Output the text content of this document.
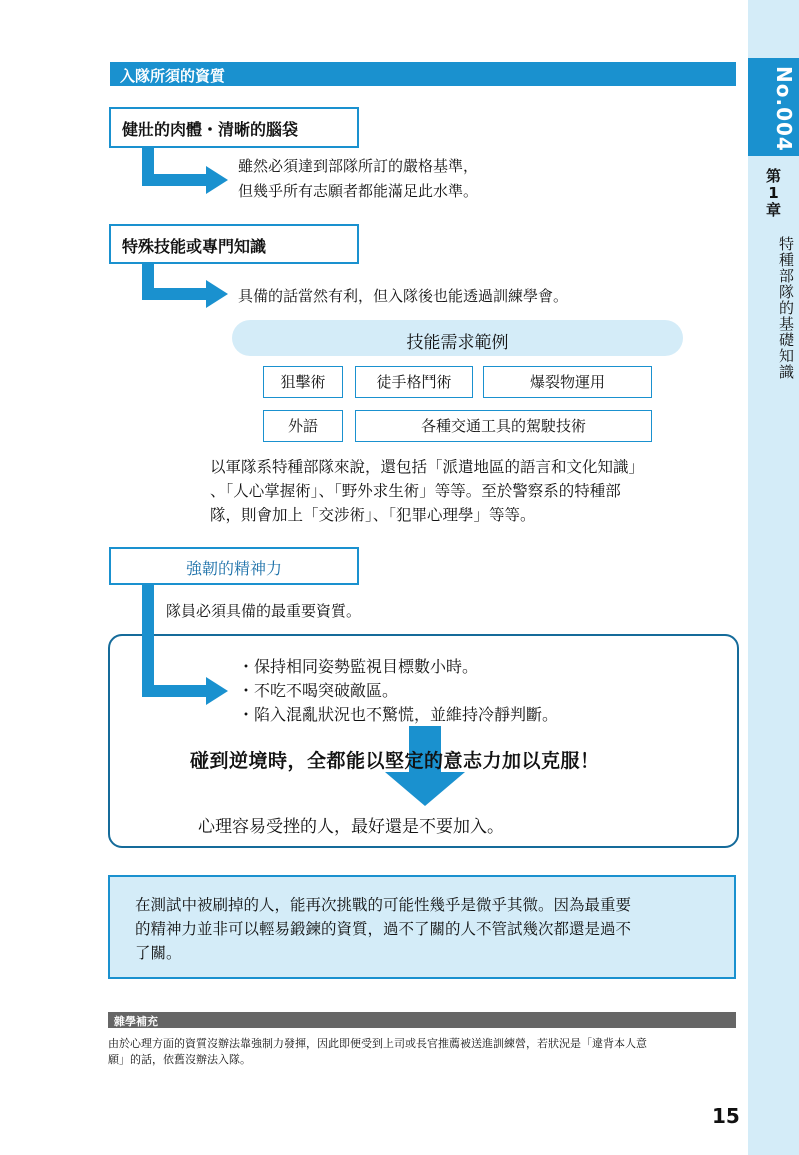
No.004
第
1
章
特種部隊的基礎知識
入隊所須的資質
健壯的肉體・清晰的腦袋
雖然必須達到部隊所訂的嚴格基準，
但幾乎所有志願者都能滿足此水準。
特殊技能或專門知識
具備的話當然有利，但入隊後也能透過訓練學會。
技能需求範例
狙擊術	徒手格鬥術	爆裂物運用
外語	各種交通工具的駕駛技術
以軍隊系特種部隊來說，還包括「派遣地區的語言和文化知識」
、「人心掌握術」、「野外求生術」等等。至於警察系的特種部
隊，則會加上「交涉術」、「犯罪心理學」等等。
強韌的精神力
隊員必須具備的最重要資質。
・保持相同姿勢監視目標數小時。
・不吃不喝突破敵區。
・陷入混亂狀況也不驚慌，並維持冷靜判斷。
碰到逆境時，全都能以堅定的意志力加以克服！
心理容易受挫的人，最好還是不要加入。
在測試中被刷掉的人，能再次挑戰的可能性幾乎是微乎其微。因為最重要
的精神力並非可以輕易鍛鍊的資質，過不了關的人不管試幾次都還是過不
了關。
雜學補充
由於心理方面的資質沒辦法靠強制力發揮，因此即便受到上司或長官推薦被送進訓練營，若狀況是「違背本人意
願」的話，依舊沒辦法入隊。
15
